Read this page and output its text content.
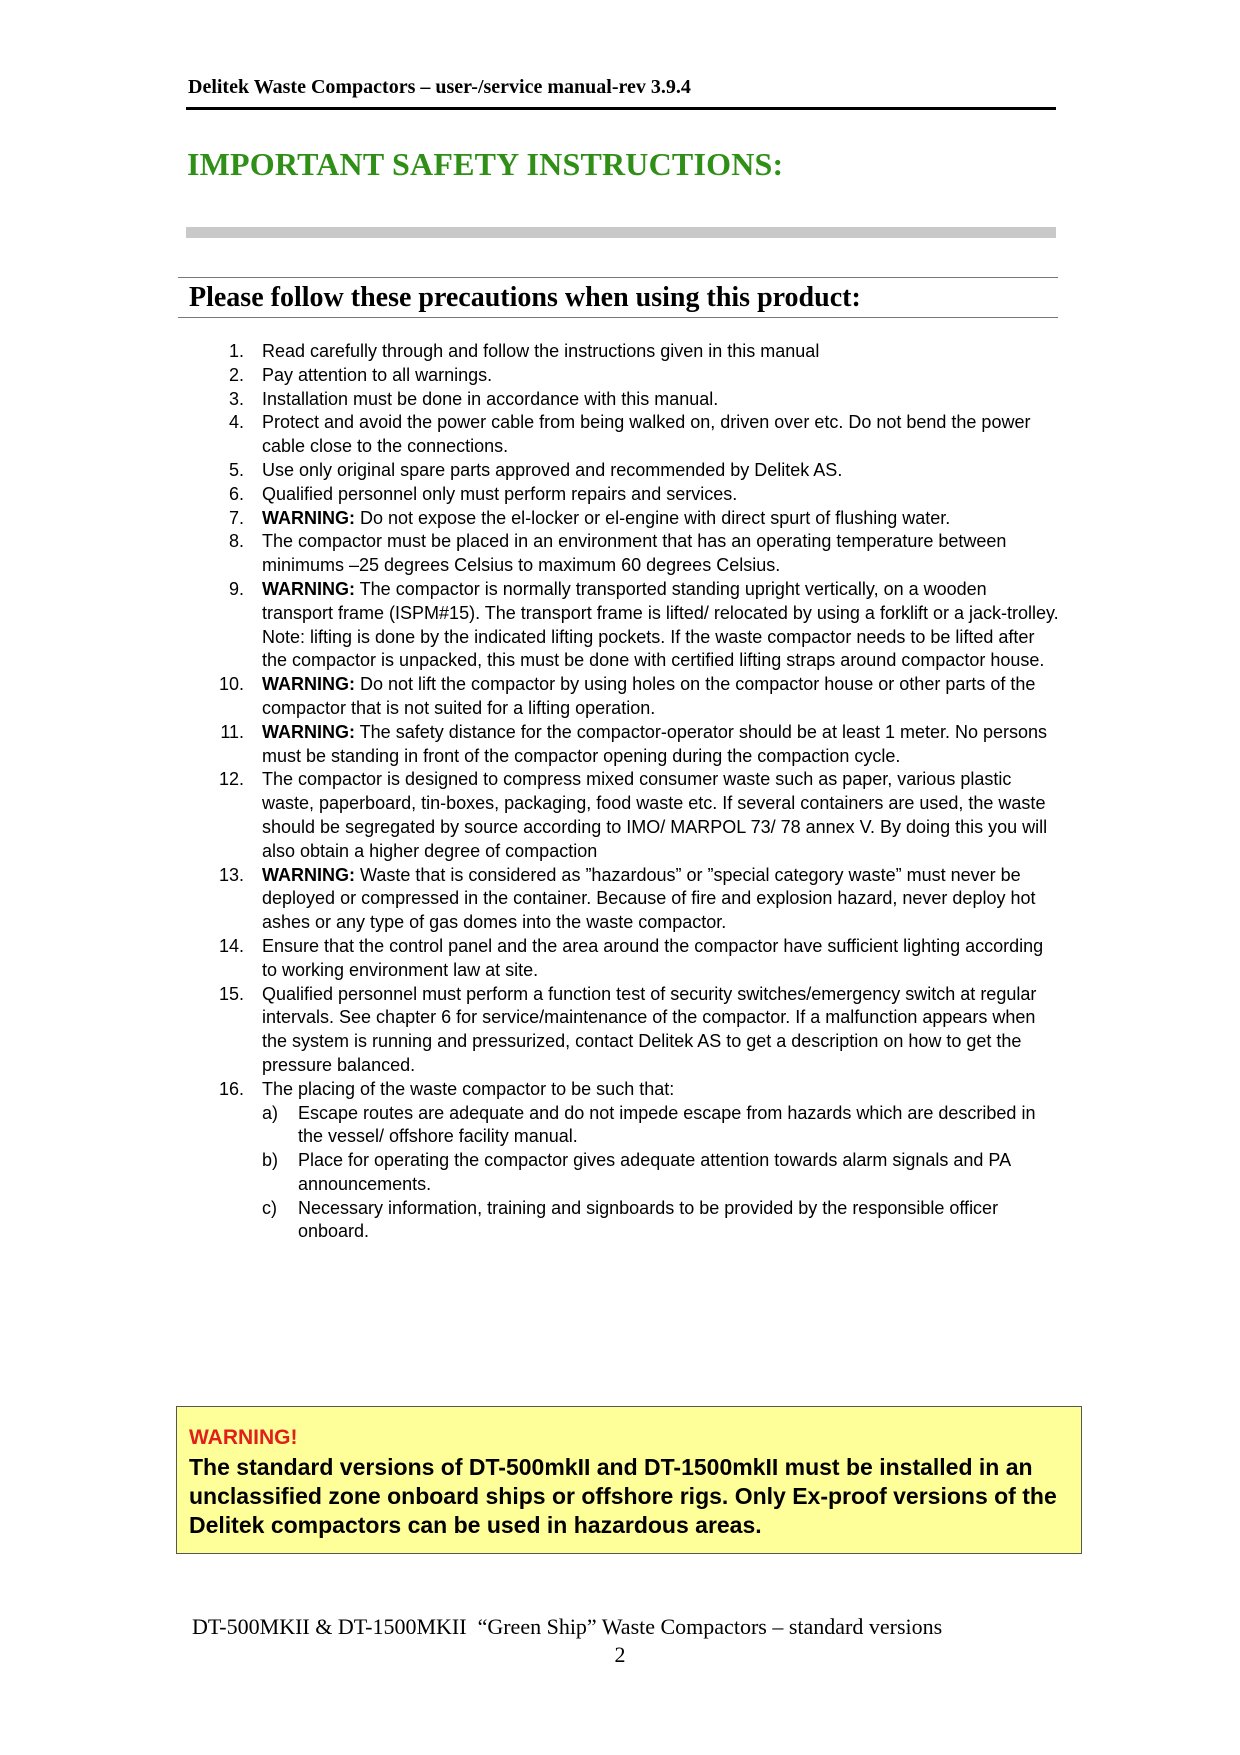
Delitek Waste Compactors – user-/service manual-rev 3.9.4
IMPORTANT SAFETY INSTRUCTIONS:
Please follow these precautions when using this product:
1. Read carefully through and follow the instructions given in this manual
2. Pay attention to all warnings.
3. Installation must be done in accordance with this manual.
4. Protect and avoid the power cable from being walked on, driven over etc. Do not bend the power cable close to the connections.
5. Use only original spare parts approved and recommended by Delitek AS.
6. Qualified personnel only must perform repairs and services.
7. WARNING: Do not expose the el-locker or el-engine with direct spurt of flushing water.
8. The compactor must be placed in an environment that has an operating temperature between minimums –25 degrees Celsius to maximum 60 degrees Celsius.
9. WARNING: The compactor is normally transported standing upright vertically, on a wooden transport frame (ISPM#15). The transport frame is lifted/ relocated by using a forklift or a jack-trolley. Note: lifting is done by the indicated lifting pockets. If the waste compactor needs to be lifted after the compactor is unpacked, this must be done with certified lifting straps around compactor house.
10. WARNING: Do not lift the compactor by using holes on the compactor house or other parts of the compactor that is not suited for a lifting operation.
11. WARNING: The safety distance for the compactor-operator should be at least 1 meter. No persons must be standing in front of the compactor opening during the compaction cycle.
12. The compactor is designed to compress mixed consumer waste such as paper, various plastic waste, paperboard, tin-boxes, packaging, food waste etc. If several containers are used, the waste should be segregated by source according to IMO/ MARPOL 73/ 78 annex V. By doing this you will also obtain a higher degree of compaction
13. WARNING: Waste that is considered as ”hazardous” or ”special category waste” must never be deployed or compressed in the container. Because of fire and explosion hazard, never deploy hot ashes or any type of gas domes into the waste compactor.
14. Ensure that the control panel and the area around the compactor have sufficient lighting according to working environment law at site.
15. Qualified personnel must perform a function test of security switches/emergency switch at regular intervals. See chapter 6 for service/maintenance of the compactor. If a malfunction appears when the system is running and pressurized, contact Delitek AS to get a description on how to get the pressure balanced.
16. The placing of the waste compactor to be such that:
a) Escape routes are adequate and do not impede escape from hazards which are described in the vessel/ offshore facility manual.
b) Place for operating the compactor gives adequate attention towards alarm signals and PA announcements.
c) Necessary information, training and signboards to be provided by the responsible officer onboard.
WARNING!
The standard versions of DT-500mkII and DT-1500mkII must be installed in an unclassified zone onboard ships or offshore rigs. Only Ex-proof versions of the Delitek compactors can be used in hazardous areas.
DT-500MKII & DT-1500MKII  “Green Ship” Waste Compactors – standard versions
2
